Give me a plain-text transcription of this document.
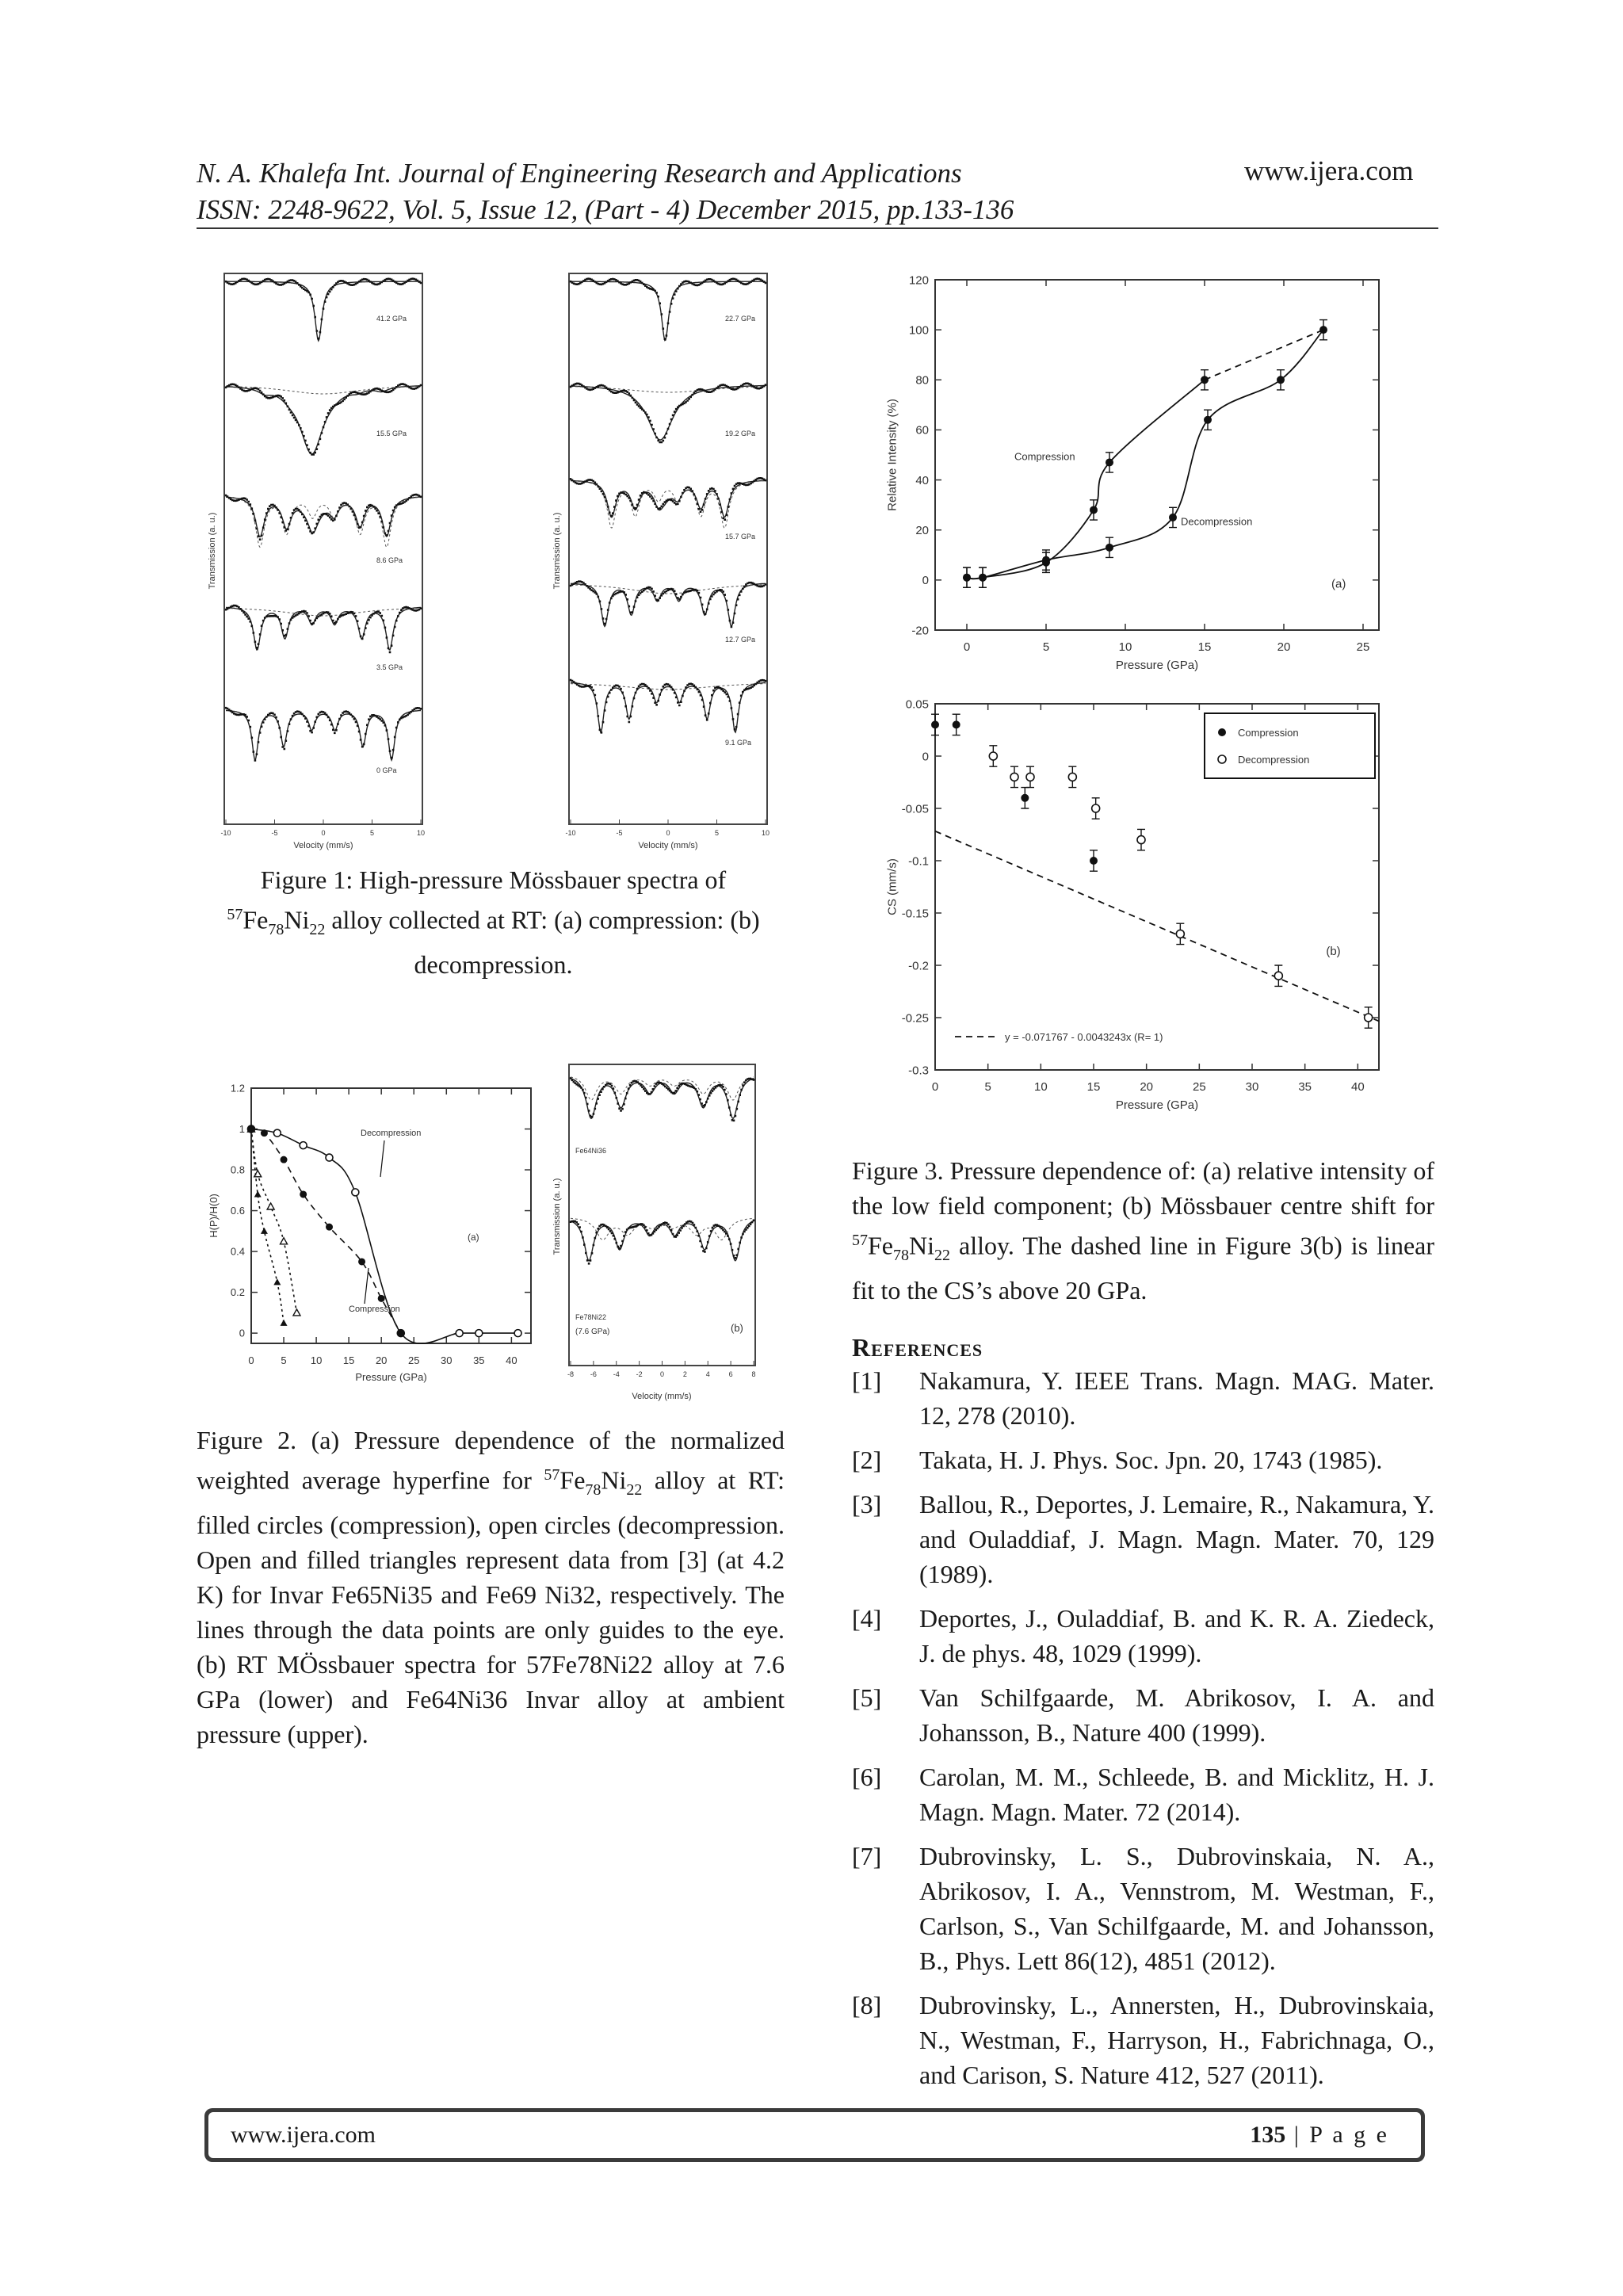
N. A. Khalefa Int. Journal of Engineering Research and Applications
ISSN: 2248-9622, Vol. 5, Issue 12, (Part - 4) December 2015, pp.133-136
www.ijera.com
-10	-5	0	5	10
Transmission (a. u.)
Velocity (mm/s)
41.2 GPa
15.5 GPa
8.6 GPa
3.5 GPa
0 GPa
-10	-5	0	5	10
Transmission (a. u.)
Velocity (mm/s)
22.7 GPa
19.2 GPa
15.7 GPa
12.7 GPa
9.1 GPa
Figure 1: High-pressure Mössbauer spectra of
$^{57}Fe_{78}Ni_{22}$ alloy collected at RT: (a) compression: (b)
decompression.
0	5 10 15 20 25 30 35 40
0
0.2
0.4
0.6
0.8
1
1.2
Pressure (GPa)
H(P)/H(0)
Decompression
Compression
(a)
-8 -6 -4 -2 0	2	4	6	8
Transmission (a. u.)
Velocity (mm/s)
Fe64Ni36
Fe78Ni22
(7.6 GPa)	(b)
Figure 2. (a) Pressure dependence of the normalized weighted average hyperfine for $^{57}Fe_{78}Ni_{22}$ alloy at RT: filled circles (compression), open circles (decompression. Open and filled triangles represent data from [3] (at 4.2 K) for Invar Fe65Ni35 and Fe69 Ni32, respectively. The lines through the data points are only guides to the eye. (b) RT MÖssbauer spectra for 57Fe78Ni22 alloy at 7.6 GPa (lower) and Fe64Ni36 Invar alloy at ambient pressure (upper).
0	5	10	15	20	25
-20
0
20
40
60
80
100
120
Pressure (GPa)
Relative Intensity (%)	Compression
Decompression
(a)
0	5	10	15	20	25	30	35	40
0.05
0
-0.05
-0.1
-0.15
-0.2
-0.25
-0.3
Pressure (GPa)
CS (mm/s)
Compression
Decompression
y = -0.071767 - 0.0043243x (R= 1)
(b)
Figure 3. Pressure dependence of: (a) relative intensity of the low field component; (b) Mössbauer centre shift for $^{57}Fe_{78}Ni_{22}$ alloy. The dashed line in Figure 3(b) is linear fit to the CS’s above 20 GPa.
References
[1] Nakamura, Y. IEEE Trans. Magn. MAG. Mater. 12, 278 (2010).
[2] Takata, H. J. Phys. Soc. Jpn. 20, 1743 (1985).
[3] Ballou, R., Deportes, J. Lemaire, R., Nakamura, Y. and Ouladdiaf, J. Magn. Magn. Mater. 70, 129 (1989).
[4] Deportes, J., Ouladdiaf, B. and K. R. A. Ziedeck, J. de phys. 48, 1029 (1999).
[5] Van Schilfgaarde, M. Abrikosov, I. A. and Johansson, B., Nature 400 (1999).
[6] Carolan, M. M., Schleede, B. and Micklitz, H. J. Magn. Magn. Mater. 72 (2014).
[7] Dubrovinsky, L. S., Dubrovinskaia, N. A., Abrikosov, I. A., Vennstrom, M. Westman, F., Carlson, S., Van Schilfgaarde, M. and Johansson, B., Phys. Lett 86(12), 4851 (2012).
[8] Dubrovinsky, L., Annersten, H., Dubrovinskaia, N., Westman, F., Harryson, H., Fabrichnaga, O., and Carison, S. Nature 412, 527 (2011).
www.ijera.com	135 | P a g e
